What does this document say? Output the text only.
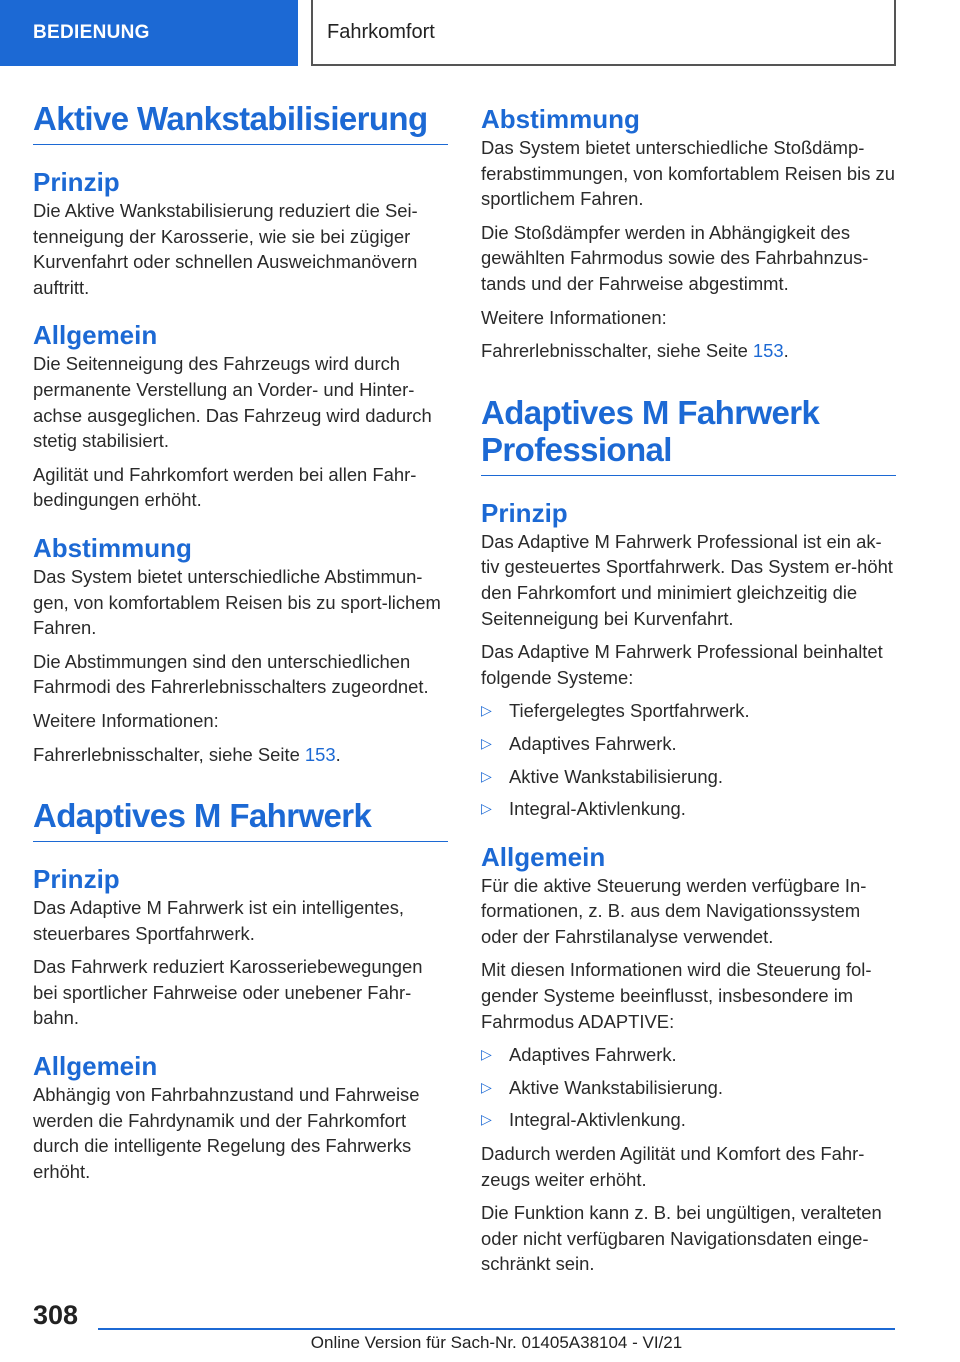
BEDIENUNG	Fahrkomfort
Aktive Wankstabilisierung
Prinzip

Die Aktive Wankstabilisierung reduziert die Sei-tenneigung der Karosserie, wie sie bei zügiger Kurvenfahrt oder schnellen Ausweichmanövern auftritt.

Allgemein

Die Seitenneigung des Fahrzeugs wird durch permanente Verstellung an Vorder- und Hinter-achse ausgeglichen. Das Fahrzeug wird dadurch stetig stabilisiert.

Agilität und Fahrkomfort werden bei allen Fahr-bedingungen erhöht.

Abstimmung

Das System bietet unterschiedliche Abstimmun-gen, von komfortablem Reisen bis zu sport-lichem Fahren.

Die Abstimmungen sind den unterschiedlichen Fahrmodi des Fahrerlebnisschalters zugeordnet.

Weitere Informationen:

Fahrerlebnisschalter, siehe Seite 153.

Adaptives M Fahrwerk
Prinzip

Das Adaptive M Fahrwerk ist ein intelligentes, steuerbares Sportfahrwerk.

Das Fahrwerk reduziert Karosseriebewegungen bei sportlicher Fahrweise oder unebener Fahr-bahn.

Allgemein

Abhängig von Fahrbahnzustand und Fahrweise werden die Fahrdynamik und der Fahrkomfort durch die intelligente Regelung des Fahrwerks erhöht.

Abstimmung

Das System bietet unterschiedliche Stoßdämp-ferabstimmungen, von komfortablem Reisen bis zu sportlichem Fahren.

Die Stoßdämpfer werden in Abhängigkeit des gewählten Fahrmodus sowie des Fahrbahnzus-tands und der Fahrweise abgestimmt.

Weitere Informationen:

Fahrerlebnisschalter, siehe Seite 153.

Adaptives M Fahrwerk Professional
Prinzip

Das Adaptive M Fahrwerk Professional ist ein ak-tiv gesteuertes Sportfahrwerk. Das System er-höht den Fahrkomfort und minimiert gleichzeitig die Seitenneigung bei Kurvenfahrt.

Das Adaptive M Fahrwerk Professional beinhaltet folgende Systeme:

▷ Tiefergelegtes Sportfahrwerk.
▷ Adaptives Fahrwerk.
▷ Aktive Wankstabilisierung.
▷ Integral-Aktivlenkung.
Allgemein

Für die aktive Steuerung werden verfügbare In-formationen, z. B. aus dem Navigationssystem oder der Fahrstilanalyse verwendet.

Mit diesen Informationen wird die Steuerung fol-gender Systeme beeinflusst, insbesondere im Fahrmodus ADAPTIVE:

▷ Adaptives Fahrwerk.
▷ Aktive Wankstabilisierung.
▷ Integral-Aktivlenkung.

Dadurch werden Agilität und Komfort des Fahr-zeugs weiter erhöht.

Die Funktion kann z. B. bei ungültigen, veralteten oder nicht verfügbaren Navigationsdaten einge-schränkt sein.

308
Online Version für Sach-Nr. 01405A38104 - VI/21
